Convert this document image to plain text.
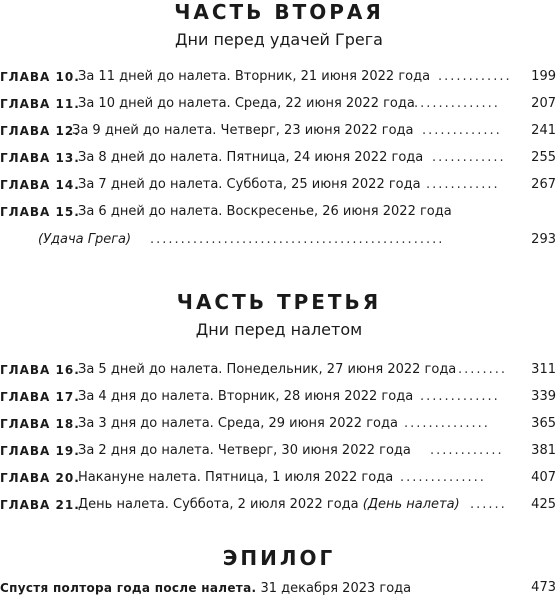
ЧАСТЬ ВТОРАЯ
Дни перед удачей Грега
ГЛАВА 10.
За 11 дней до налета. Вторник, 21 июня 2022 года ............ 199
ГЛАВА 11.
За 10 дней до налета. Среда, 22 июня 2022 года .............. 207
ГЛАВА 12.
За 9 дней до налета. Четверг, 23 июня 2022 года ............. 241
ГЛАВА 13.
За 8 дней до налета. Пятница, 24 июня 2022 года ............ 255
ГЛАВА 14.
За 7 дней до налета. Суббота, 25 июня 2022 года ............ 267
ГЛАВА 15.
За 6 дней до налета. Воскресенье, 26 июня 2022 года
(Удача Грега) ................................................	293
ЧАСТЬ ТРЕТЬЯ
Дни перед налетом
ГЛАВА 16.
За 5 дней до налета. Понедельник, 27 июня 2022 года ........ 311
ГЛАВА 17.
За 4 дня до налета. Вторник, 28 июня 2022 года ............. 339
ГЛАВА 18.
За 3 дня до налета. Среда, 29 июня 2022 года ..............	365
ГЛАВА 19.
За 2 дня до налета. Четверг, 30 июня 2022 года ............ 381
ГЛАВА 20.
Накануне налета. Пятница, 1 июля 2022 года ..............	407
ГЛАВА 21.
День налета. Суббота, 2 июля 2022 года (День налета) ...... 425
ЭПИЛОГ
Спустя полтора года после налета. 31 декабря 2023 года	473
